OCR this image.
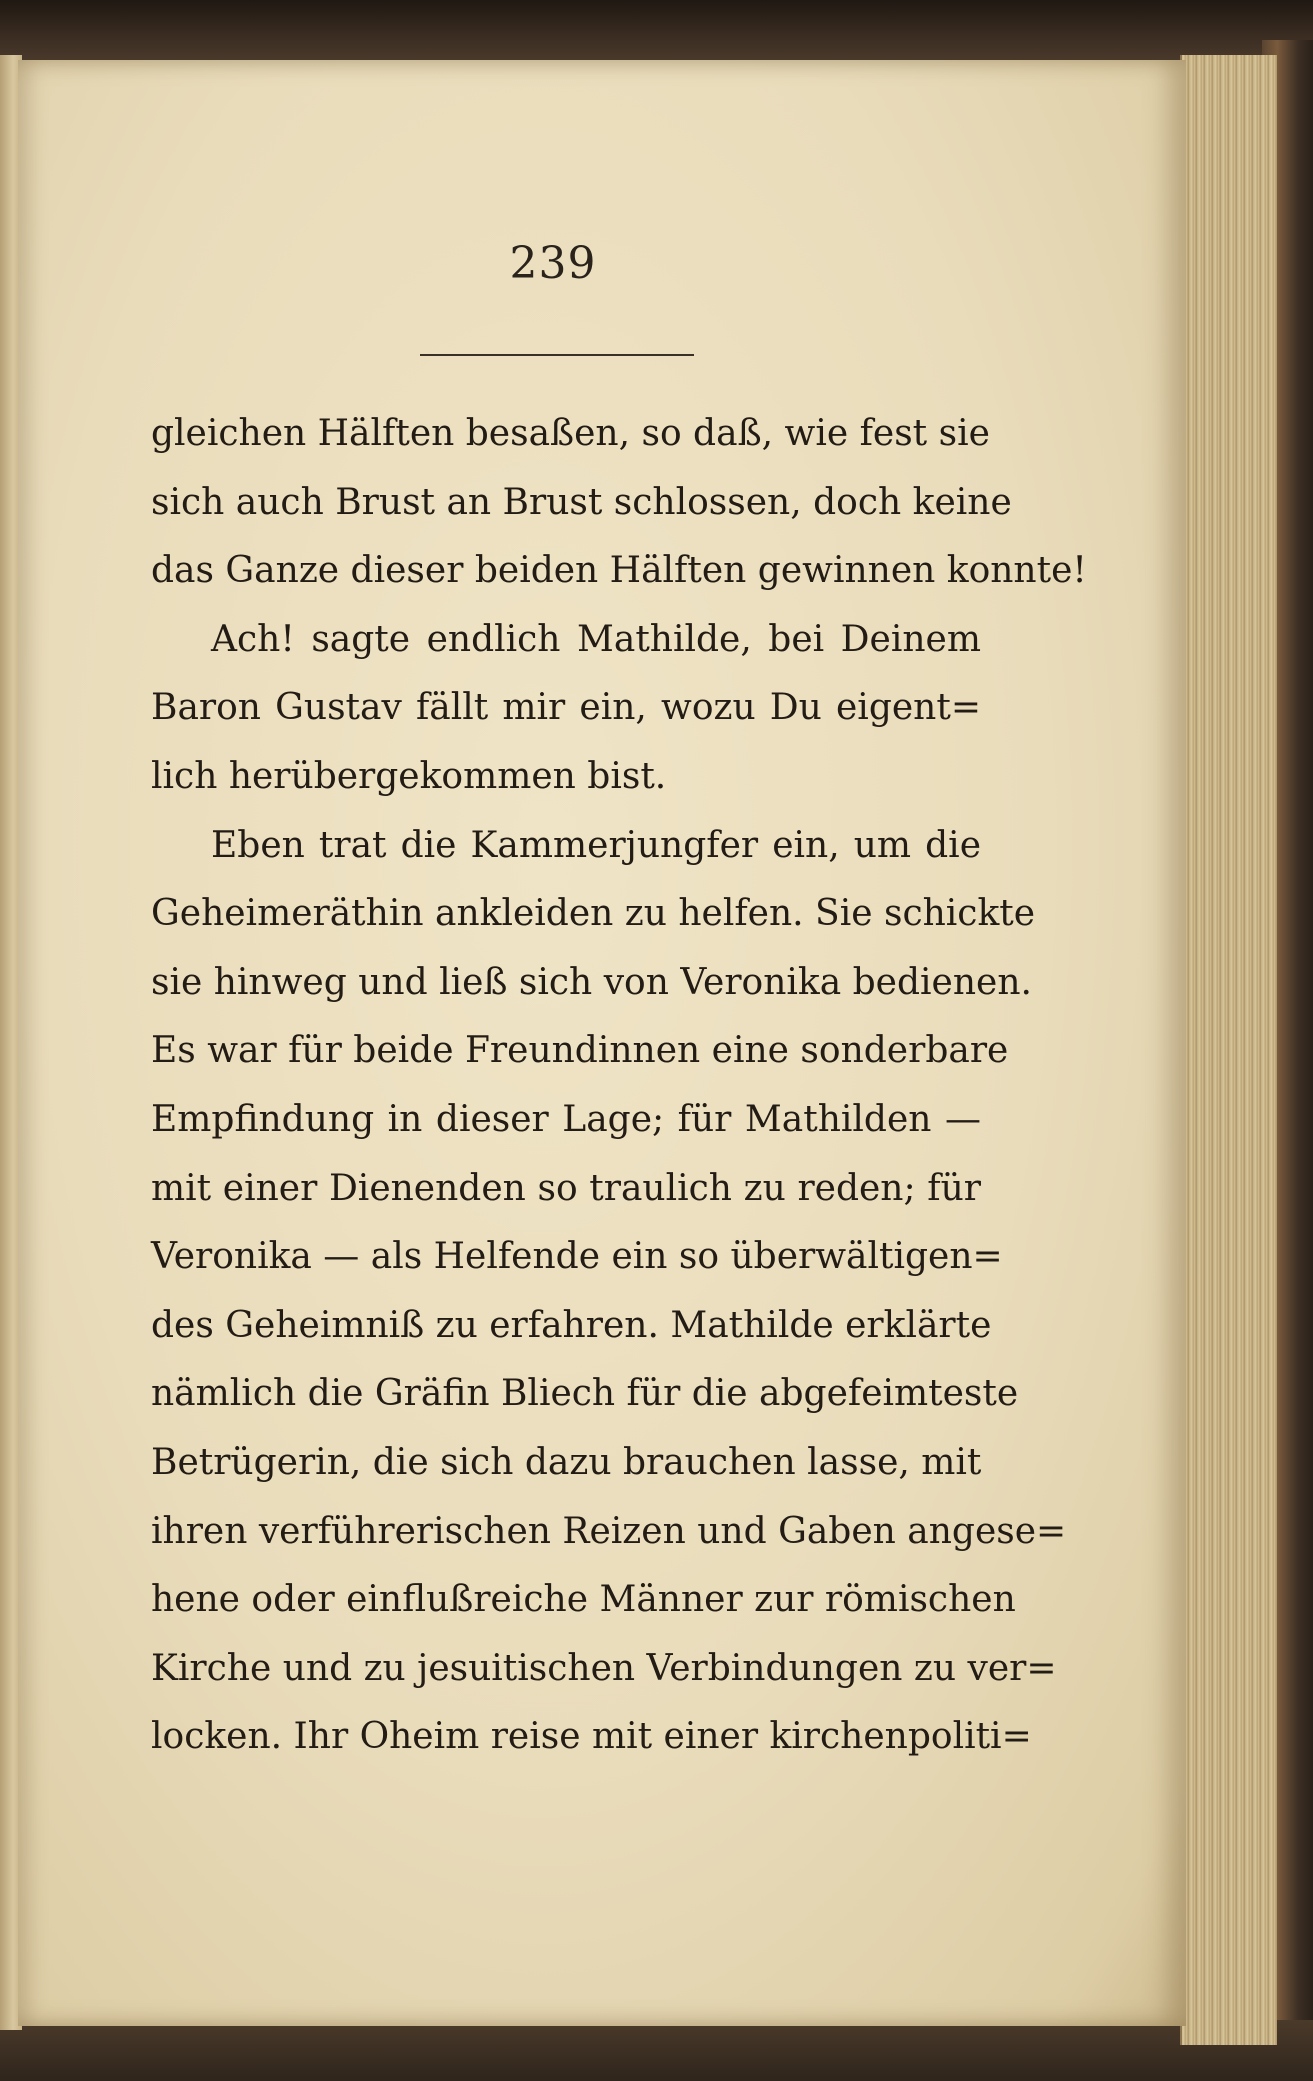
239
gleichen Hälften besaßen, so daß, wie fest sie
sich auch Brust an Brust schlossen, doch keine
das Ganze dieser beiden Hälften gewinnen konnte!
Ach! sagte endlich Mathilde, bei Deinem
Baron Gustav fällt mir ein, wozu Du eigent=
lich herübergekommen bist.
Eben trat die Kammerjungfer ein, um die
Geheimeräthin ankleiden zu helfen. Sie schickte
sie hinweg und ließ sich von Veronika bedienen.
Es war für beide Freundinnen eine sonderbare
Empfindung in dieser Lage; für Mathilden —
mit einer Dienenden so traulich zu reden; für
Veronika — als Helfende ein so überwältigen=
des Geheimniß zu erfahren. Mathilde erklärte
nämlich die Gräfin Bliech für die abgefeimteste
Betrügerin, die sich dazu brauchen lasse, mit
ihren verführerischen Reizen und Gaben angese=
hene oder einflußreiche Männer zur römischen
Kirche und zu jesuitischen Verbindungen zu ver=
locken. Ihr Oheim reise mit einer kirchenpoliti=
